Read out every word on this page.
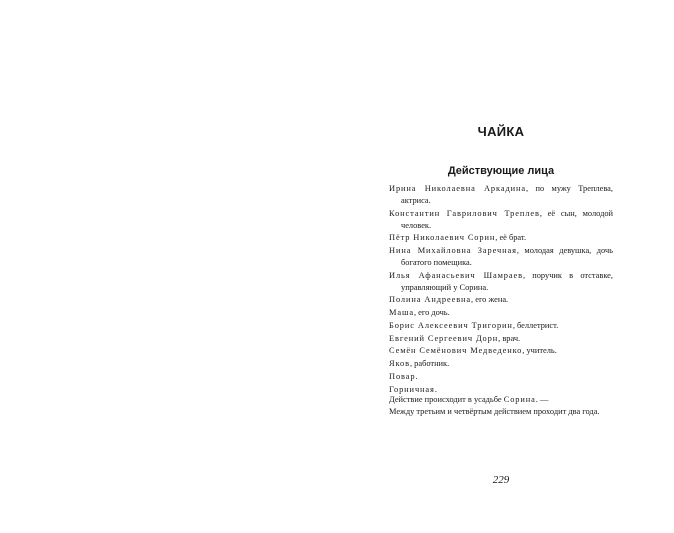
ЧАЙКА
Действующие лица
Ирина Николаевна Аркадина, по мужу Треплева, актриса.
Константин Гаврилович Треплев, её сын, молодой человек.
Пётр Николаевич Сорин, её брат.
Нина Михайловна Заречная, молодая девушка, дочь богатого помещика.
Илья Афанасьевич Шамраев, поручик в отставке, управляющий у Сорина.
Полина Андреевна, его жена.
Маша, его дочь.
Борис Алексеевич Тригорин, беллетрист.
Евгений Сергеевич Дорн, врач.
Семён Семёнович Медведенко, учитель.
Яков, работник.
Повар.
Горничная.
Действие происходит в усадьбе Сорина. —
Между третьим и четвёртым действием проходит два года.

229
